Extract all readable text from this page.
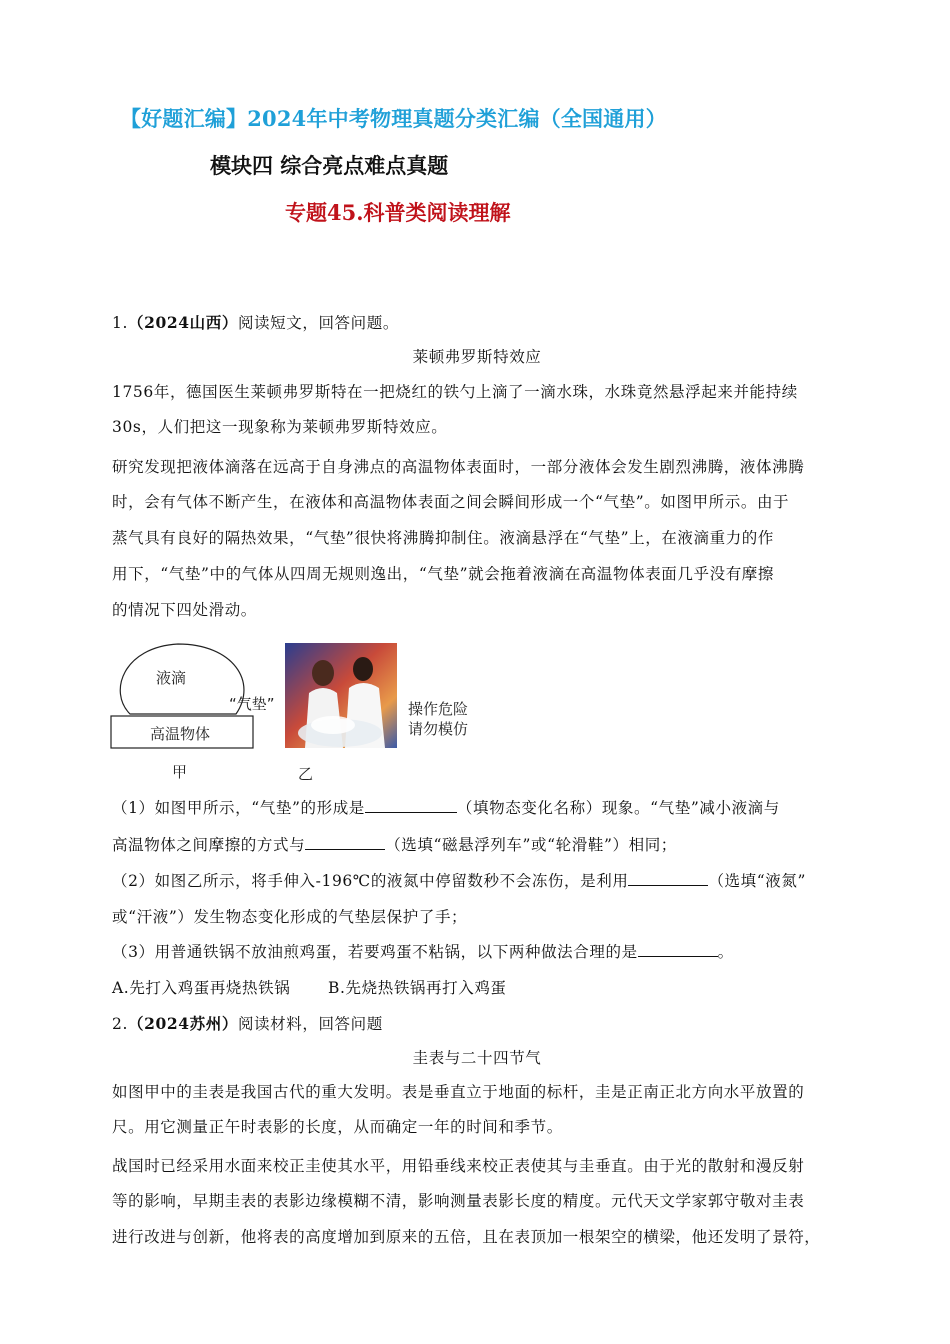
【好题汇编】2024年中考物理真题分类汇编（全国通用）
模块四 综合亮点难点真题
专题45.科普类阅读理解
1.（2024山西）阅读短文，回答问题。
莱顿弗罗斯特效应
1756年，德国医生莱顿弗罗斯特在一把烧红的铁勺上滴了一滴水珠，水珠竟然悬浮起来并能持续
30s，人们把这一现象称为莱顿弗罗斯特效应。
研究发现把液体滴落在远高于自身沸点的高温物体表面时，一部分液体会发生剧烈沸腾，液体沸腾
时，会有气体不断产生，在液体和高温物体表面之间会瞬间形成一个“气垫”。如图甲所示。由于
蒸气具有良好的隔热效果，“气垫”很快将沸腾抑制住。液滴悬浮在“气垫”上，在液滴重力的作
用下，“气垫”中的气体从四周无规则逸出，“气垫”就会拖着液滴在高温物体表面几乎没有摩擦
的情况下四处滑动。
液滴
“气垫”
高温物体
操作危险
请勿模仿
甲	乙
（1）如图甲所示，“气垫”的形成是	（填物态变化名称）现象。“气垫”减小液滴与
高温物体之间摩擦的方式与	（选填“磁悬浮列车”或“轮滑鞋”）相同；
（2）如图乙所示，将手伸入-196℃的液氮中停留数秒不会冻伤，是利用	（选填“液氮”
或“汗液”）发生物态变化形成的气垫层保护了手；
（3）用普通铁锅不放油煎鸡蛋，若要鸡蛋不粘锅，以下两种做法合理的是	。
A.先打入鸡蛋再烧热铁锅 B.先烧热铁锅再打入鸡蛋
2.（2024苏州）阅读材料，回答问题
圭表与二十四节气
如图甲中的圭表是我国古代的重大发明。表是垂直立于地面的标杆，圭是正南正北方向水平放置的
尺。用它测量正午时表影的长度，从而确定一年的时间和季节。
战国时已经采用水面来校正圭使其水平，用铅垂线来校正表使其与圭垂直。由于光的散射和漫反射
等的影响，早期圭表的表影边缘模糊不清，影响测量表影长度的精度。元代天文学家郭守敬对圭表
进行改进与创新，他将表的高度增加到原来的五倍，且在表顶加一根架空的横梁，他还发明了景符，
